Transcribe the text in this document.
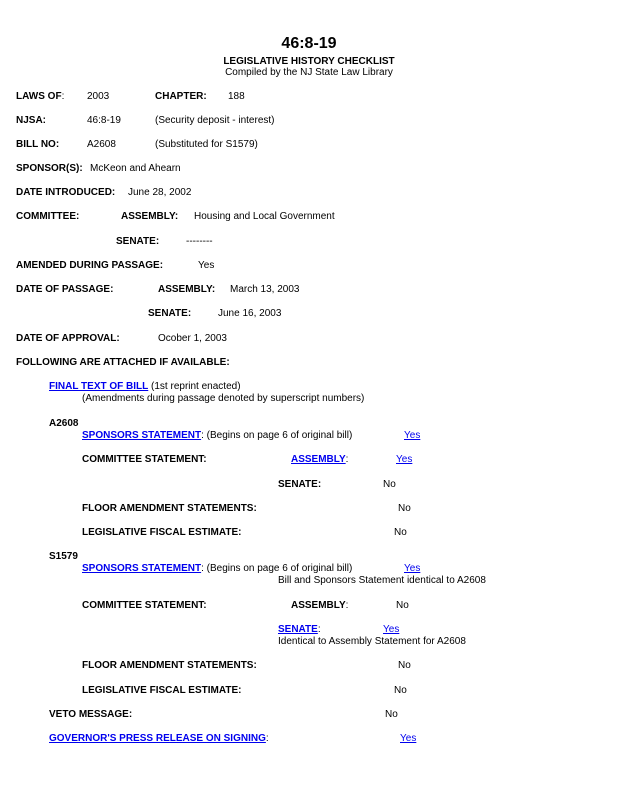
46:8-19
LEGISLATIVE HISTORY CHECKLIST
Compiled by the NJ State Law Library
LAWS OF: 2003	CHAPTER: 188
NJSA:	46:8-19	(Security deposit - interest)
BILL NO:	A2608	(Substituted for S1579)
SPONSOR(S): McKeon and Ahearn
DATE INTRODUCED: June 28, 2002
COMMITTEE:	ASSEMBLY: Housing and Local Government
SENATE:	--------
AMENDED DURING PASSAGE:	Yes
DATE OF PASSAGE:	ASSEMBLY: March 13, 2003
SENATE:	June 16, 2003
DATE OF APPROVAL:	Ocober 1, 2003
FOLLOWING ARE ATTACHED IF AVAILABLE:
FINAL TEXT OF BILL (1st reprint enacted)
(Amendments during passage denoted by superscript numbers)
A2608
SPONSORS STATEMENT: (Begins on page 6 of original bill)	Yes
COMMITTEE STATEMENT:	ASSEMBLY:	Yes
SENATE:	No
FLOOR AMENDMENT STATEMENTS:	No
LEGISLATIVE FISCAL ESTIMATE:	No
S1579
SPONSORS STATEMENT: (Begins on page 6 of original bill)	Yes
Bill and Sponsors Statement identical to A2608
COMMITTEE STATEMENT:	ASSEMBLY:	No
SENATE:	Yes
Identical to Assembly Statement for A2608
FLOOR AMENDMENT STATEMENTS:	No
LEGISLATIVE FISCAL ESTIMATE:	No
VETO MESSAGE:	No
GOVERNOR'S PRESS RELEASE ON SIGNING:	Yes
